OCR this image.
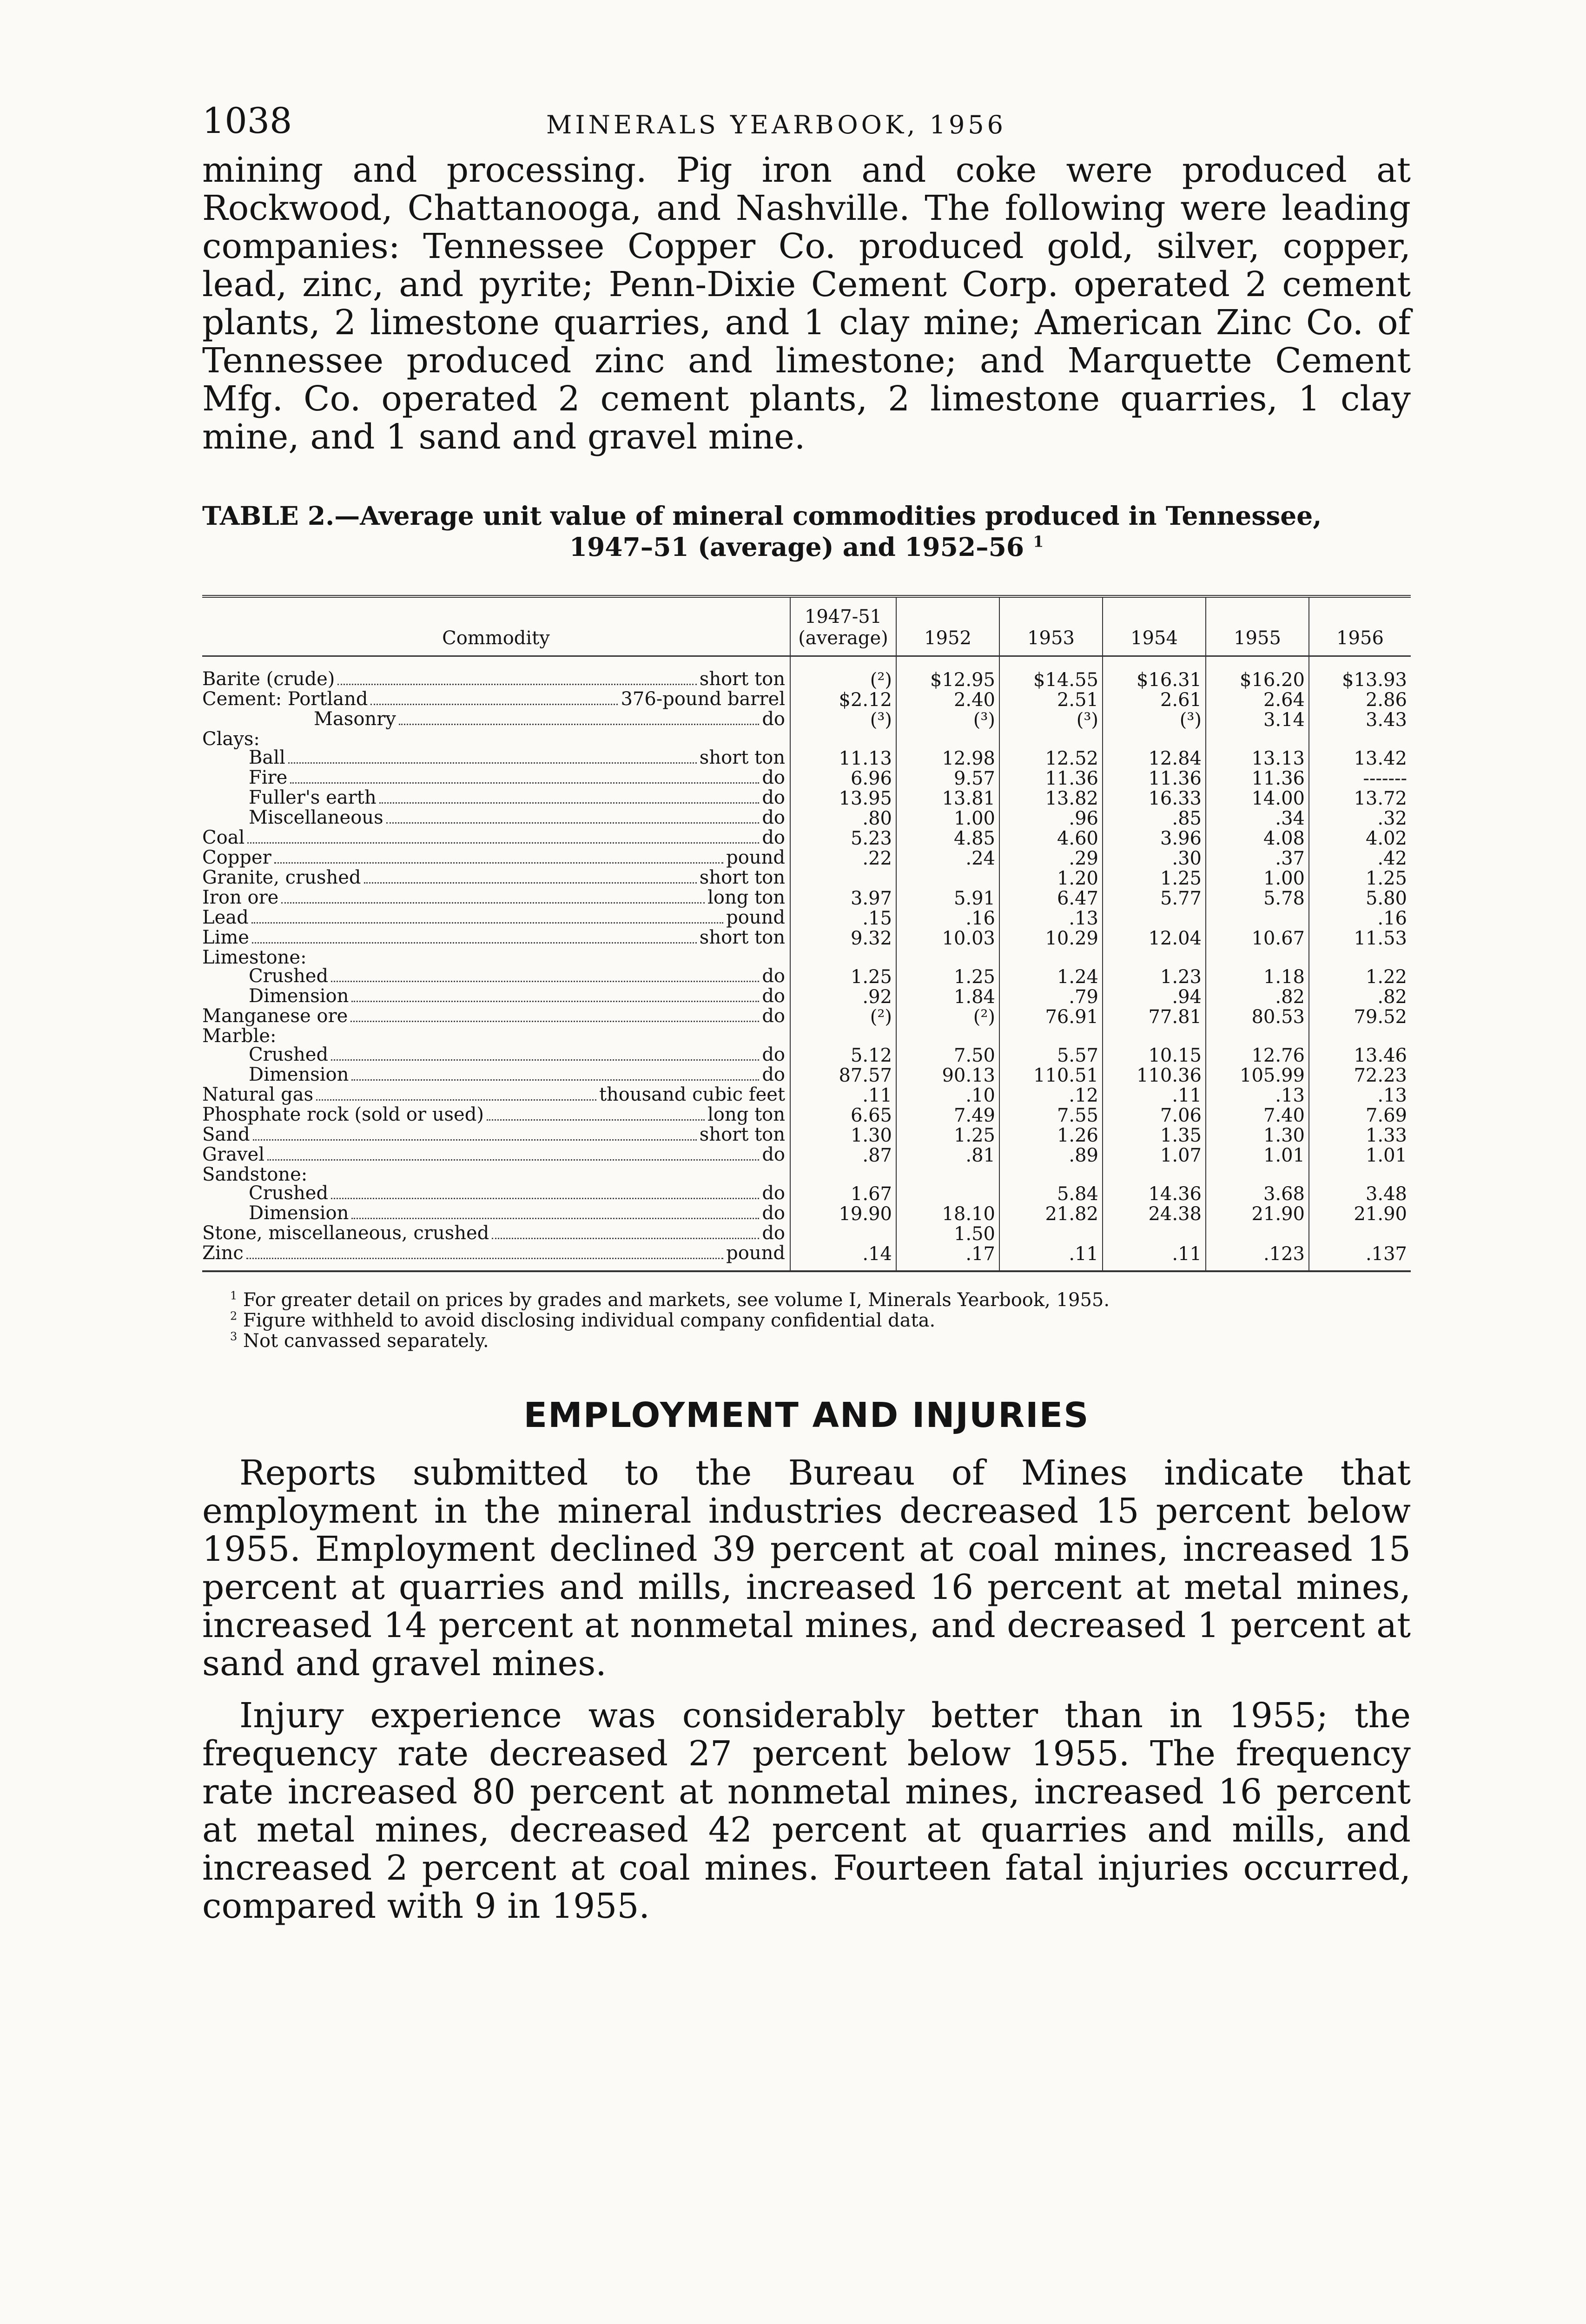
1038	MINERALS YEARBOOK, 1956

mining and processing. Pig iron and coke were produced at Rockwood, Chattanooga, and Nashville. The following were leading companies: Tennessee Copper Co. produced gold, silver, copper, lead, zinc, and pyrite; Penn-Dixie Cement Corp. operated 2 cement plants, 2 limestone quarries, and 1 clay mine; American Zinc Co. of Tennessee produced zinc and limestone; and Marquette Cement Mfg. Co. operated 2 cement plants, 2 limestone quarries, 1 clay mine, and 1 sand and gravel mine.

TABLE 2.—Average unit value of mineral commodities produced in Tennessee,
1947–51 (average) and 1952–56 $^1$
Commodity	1947-51 (average)	1952	1953	1954	1955	1956

Barite (crude) short ton	(²)	$12.95	$14.55	$16.31	$16.20	$13.93

Cement: Portland 376-pound barrel	$2.12	2.40	2.51	2.61	2.64	2.86

Masonry do	(³)	(³)	(³)	(³)	3.14	3.43

Clays:						

Ball short ton	11.13	12.98	12.52	12.84	13.13	13.42

Fire do	6.96	9.57	11.36	11.36	11.36	-------

Fuller's earth do	13.95	13.81	13.82	16.33	14.00	13.72

Miscellaneous do	.80	1.00	.96	.85	.34	.32

Coal do	5.23	4.85	4.60	3.96	4.08	4.02

Copper pound	.22	.24	.29	.30	.37	.42

Granite, crushed short ton			1.20	1.25	1.00	1.25

Iron ore long ton	3.97	5.91	6.47	5.77	5.78	5.80

Lead pound	.15	.16	.13			.16

Lime short ton	9.32	10.03	10.29	12.04	10.67	11.53

Limestone:						

Crushed do	1.25	1.25	1.24	1.23	1.18	1.22

Dimension do	.92	1.84	.79	.94	.82	.82

Manganese ore do	(²)	(²)	76.91	77.81	80.53	79.52

Marble:						

Crushed do	5.12	7.50	5.57	10.15	12.76	13.46

Dimension do	87.57	90.13	110.51	110.36	105.99	72.23

Natural gas thousand cubic feet	.11	.10	.12	.11	.13	.13

Phosphate rock (sold or used) long ton	6.65	7.49	7.55	7.06	7.40	7.69

Sand short ton	1.30	1.25	1.26	1.35	1.30	1.33

Gravel do	.87	.81	.89	1.07	1.01	1.01

Sandstone:						

Crushed do	1.67		5.84	14.36	3.68	3.48

Dimension do	19.90	18.10	21.82	24.38	21.90	21.90

Stone, miscellaneous, crushed do		1.50				

Zinc pound	.14	.17	.11	.11	.123	.137
$^1$ For greater detail on prices by grades and markets, see volume I, Minerals Yearbook, 1955.
$^2$ Figure withheld to avoid disclosing individual company confidential data.
$^3$ Not canvassed separately.
EMPLOYMENT AND INJURIES

Reports submitted to the Bureau of Mines indicate that employment in the mineral industries decreased 15 percent below 1955. Employment declined 39 percent at coal mines, increased 15 percent at quarries and mills, increased 16 percent at metal mines, increased 14 percent at nonmetal mines, and decreased 1 percent at sand and gravel mines.

Injury experience was considerably better than in 1955; the frequency rate decreased 27 percent below 1955. The frequency rate increased 80 percent at nonmetal mines, increased 16 percent at metal mines, decreased 42 percent at quarries and mills, and increased 2 percent at coal mines. Fourteen fatal injuries occurred, compared with 9 in 1955.
